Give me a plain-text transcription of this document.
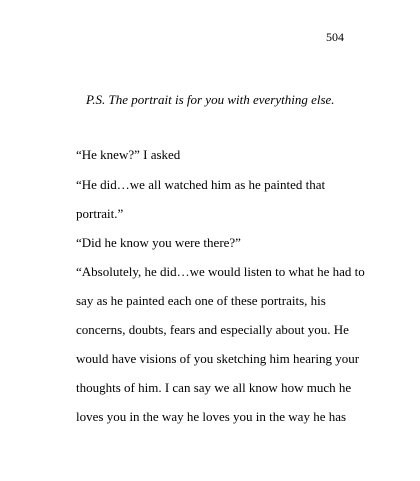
504
P.S. The portrait is for you with everything else.
“He knew?” I asked
“He did…we all watched him as he painted that
portrait.”
“Did he know you were there?”
“Absolutely, he did…we would listen to what he had to
say as he painted each one of these portraits, his
concerns, doubts, fears and especially about you. He
would have visions of you sketching him hearing your
thoughts of him. I can say we all know how much he
loves you in the way he loves you in the way he has
